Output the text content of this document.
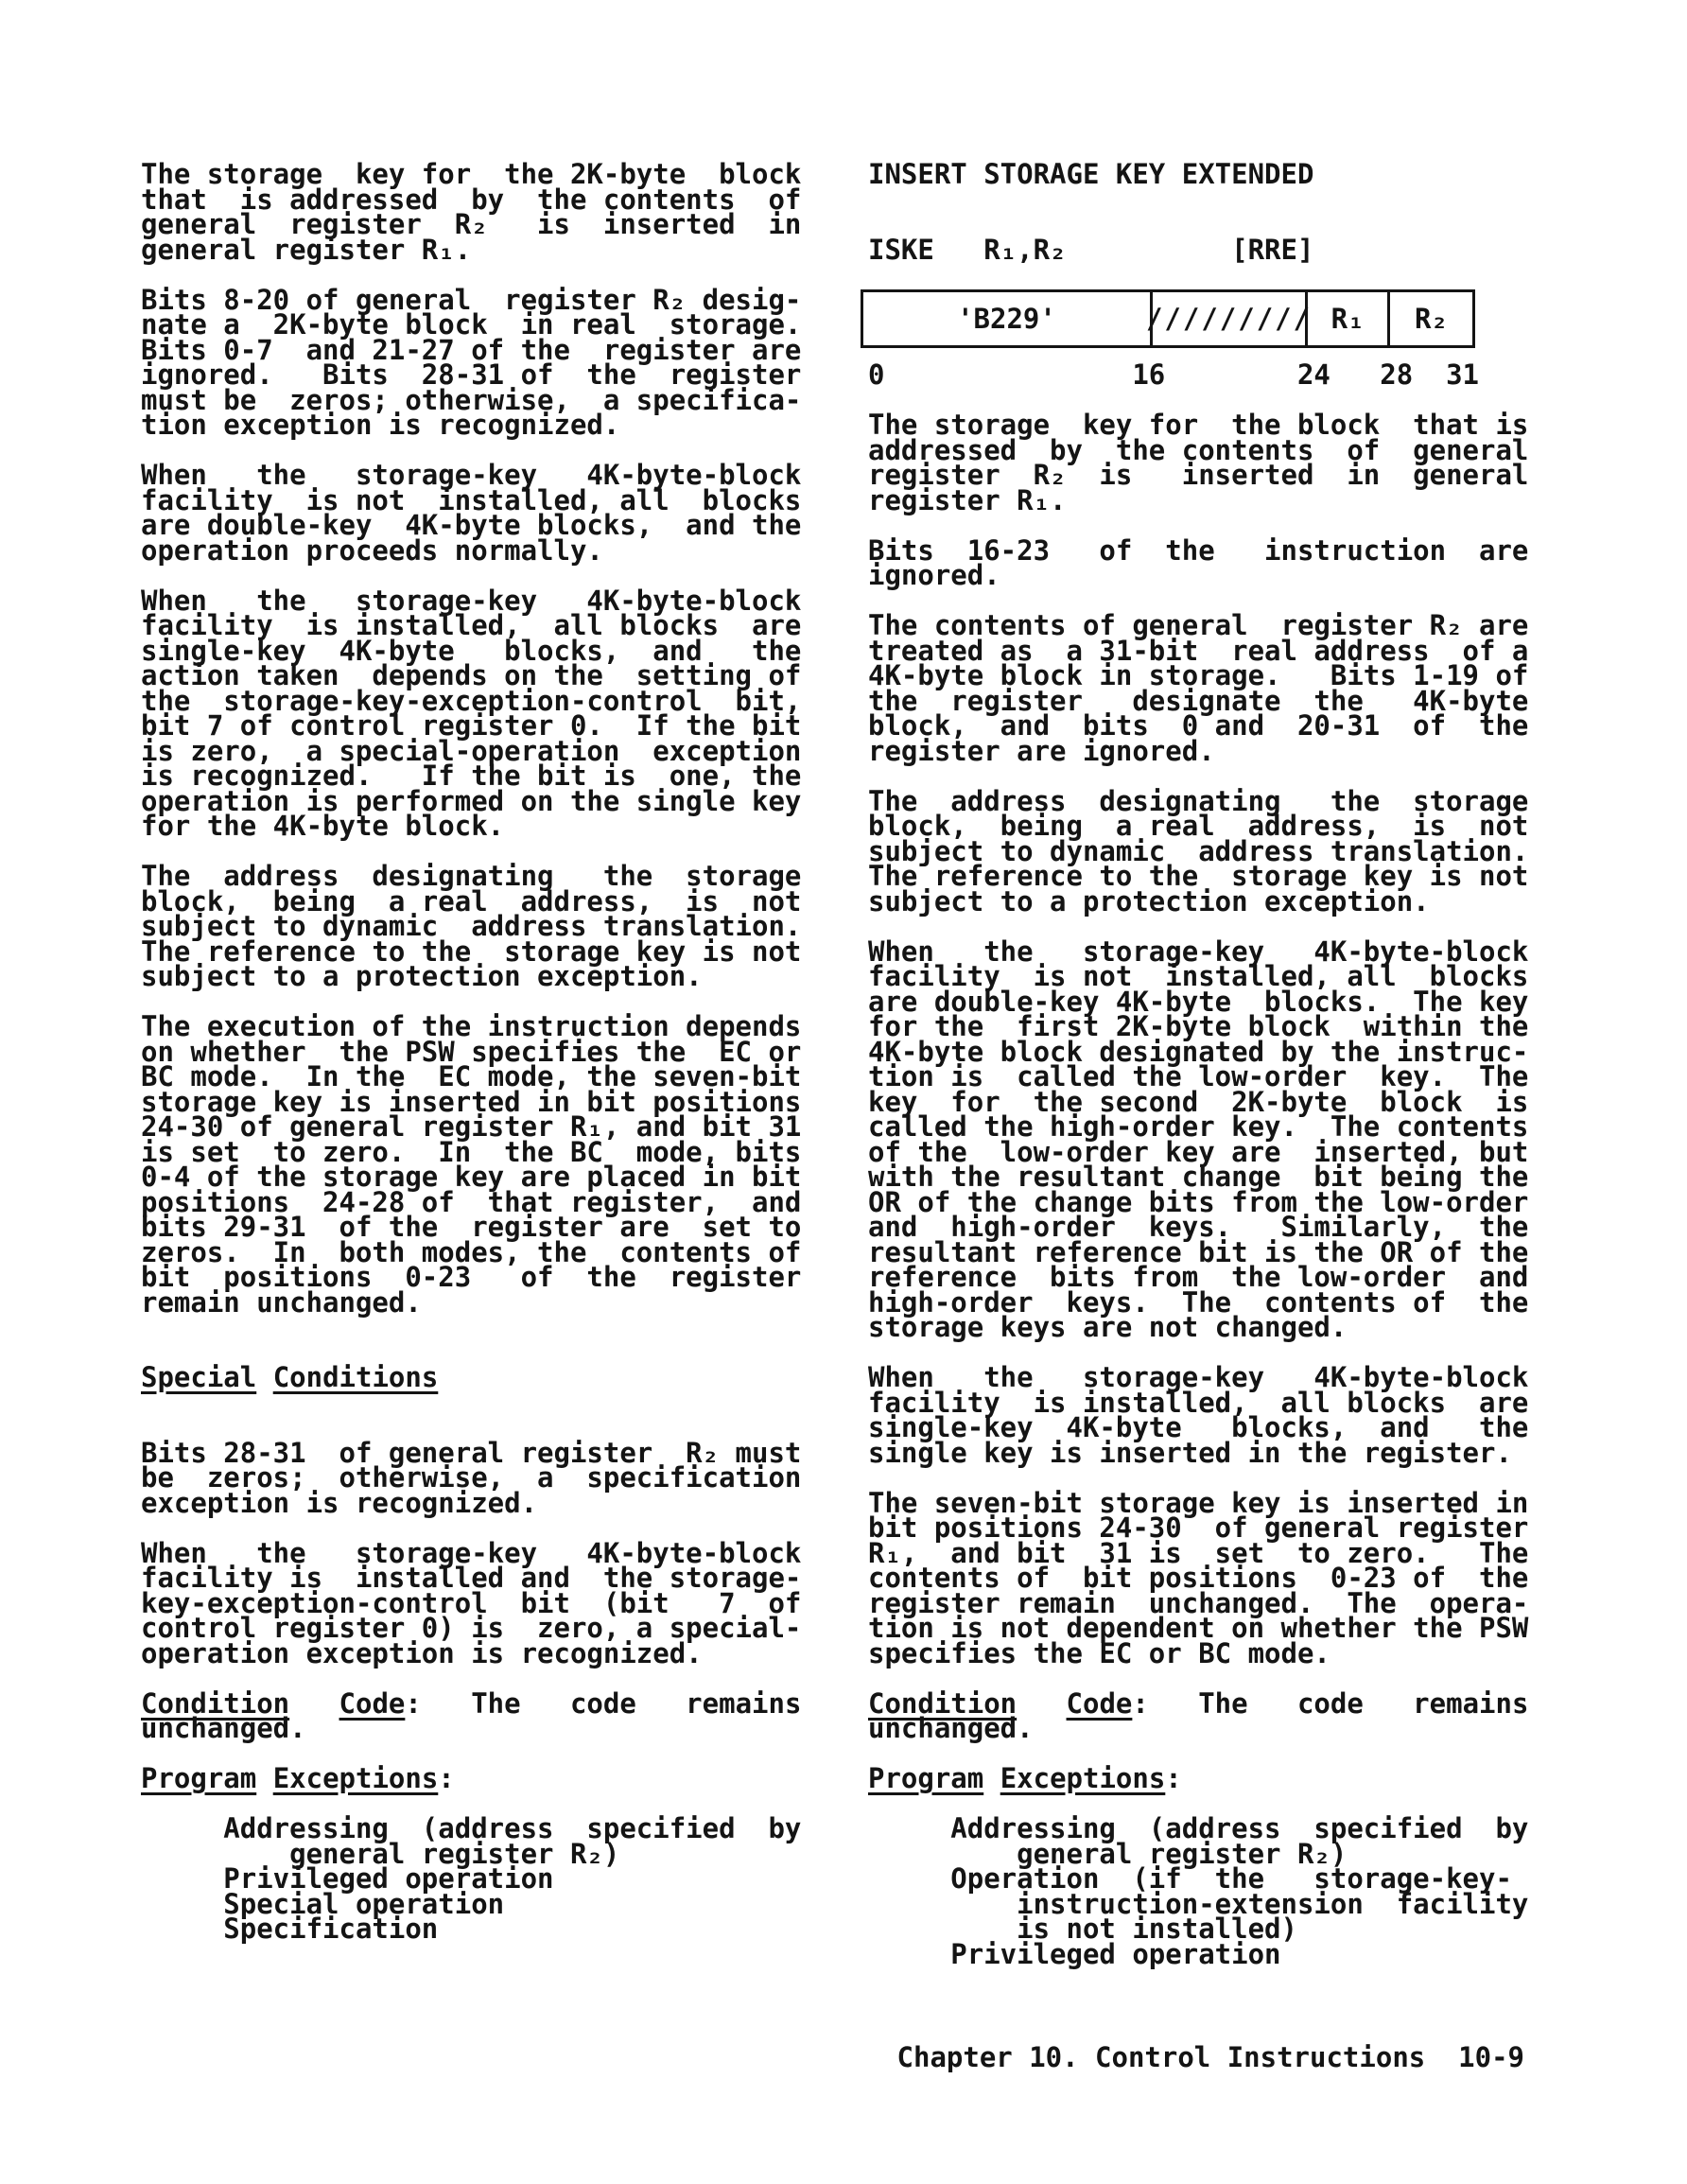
The storage  key for  the 2K-byte  block
that  is addressed  by  the contents  of
general  register  R₂   is  inserted  in
general register R₁.
Bits 8-20 of general  register R₂ desig-
nate a  2K-byte block  in real  storage.
Bits 0-7  and 21-27 of the  register are
ignored.   Bits  28-31 of  the  register
must be  zeros; otherwise,  a specifica-
tion exception is recognized.
When   the   storage-key   4K-byte-block
facility  is not  installed, all  blocks
are double-key  4K-byte blocks,  and the
operation proceeds normally.
When   the   storage-key   4K-byte-block
facility  is installed,  all blocks  are
single-key  4K-byte   blocks,  and   the
action taken  depends on the  setting of
the  storage-key-exception-control  bit,
bit 7 of control register 0.  If the bit
is zero,  a special-operation  exception
is recognized.   If the bit is  one, the
operation is performed on the single key
for the 4K-byte block.
The  address  designating   the  storage
block,  being  a real  address,  is  not
subject to dynamic  address translation.
The reference to the  storage key is not
subject to a protection exception.
The execution of the instruction depends
on whether  the PSW specifies the  EC or
BC mode.  In the  EC mode, the seven-bit
storage key is inserted in bit positions
24-30 of general register R₁, and bit 31
is set  to zero.  In  the BC  mode, bits
0-4 of the storage key are placed in bit
positions  24-28 of  that register,  and
bits 29-31  of the  register are  set to
zeros.  In  both modes, the  contents of
bit  positions  0-23   of  the  register
remain unchanged.
Special Conditions
Bits 28-31  of general register  R₂ must
be  zeros;  otherwise,  a  specification
exception is recognized.
When   the   storage-key   4K-byte-block
facility is  installed and  the storage-
key-exception-control  bit  (bit   7  of
control register 0) is  zero, a special-
operation exception is recognized.
Condition Code:   The   code   remains
unchanged.
Program Exceptions:
Addressing  (address  specified  by
general register R₂)
Privileged operation
Special operation
Specification
INSERT STORAGE KEY EXTENDED
ISKE   R₁,R₂          [RRE]
0               16        24   28  31
The storage  key for  the block  that is
addressed  by  the contents  of  general
register  R₂  is   inserted  in  general
register R₁.
Bits  16-23   of  the   instruction  are
ignored.
The contents of general  register R₂ are
treated as  a 31-bit  real address  of a
4K-byte block in storage.   Bits 1-19 of
the  register   designate  the   4K-byte
block,  and  bits  0 and  20-31  of  the
register are ignored.
The  address  designating   the  storage
block,  being  a real  address,  is  not
subject to dynamic  address translation.
The reference to the  storage key is not
subject to a protection exception.
When   the   storage-key   4K-byte-block
facility  is not  installed, all  blocks
are double-key 4K-byte  blocks.  The key
for the  first 2K-byte block  within the
4K-byte block designated by the instruc-
tion is  called the low-order  key.  The
key  for  the second  2K-byte  block  is
called the high-order key.  The contents
of the  low-order key are  inserted, but
with the resultant change  bit being the
OR of the change bits from the low-order
and  high-order  keys.   Similarly,  the
resultant reference bit is the OR of the
reference  bits from  the low-order  and
high-order  keys.  The  contents of  the
storage keys are not changed.
When   the   storage-key   4K-byte-block
facility  is installed,  all blocks  are
single-key  4K-byte   blocks,  and   the
single key is inserted in the register.
The seven-bit storage key is inserted in
bit positions 24-30  of general register
R₁,  and bit  31 is  set  to zero.   The
contents of  bit positions  0-23 of  the
register remain  unchanged.  The  opera-
tion is not dependent on whether the PSW
specifies the EC or BC mode.
Condition Code:   The   code   remains
unchanged.
Program Exceptions:
Addressing  (address  specified  by
general register R₂)
Operation  (if  the   storage-key-
instruction-extension  facility
is not installed)
Privileged operation
'B229'	///////// R₁	R₂
Chapter 10. Control Instructions  10-9
